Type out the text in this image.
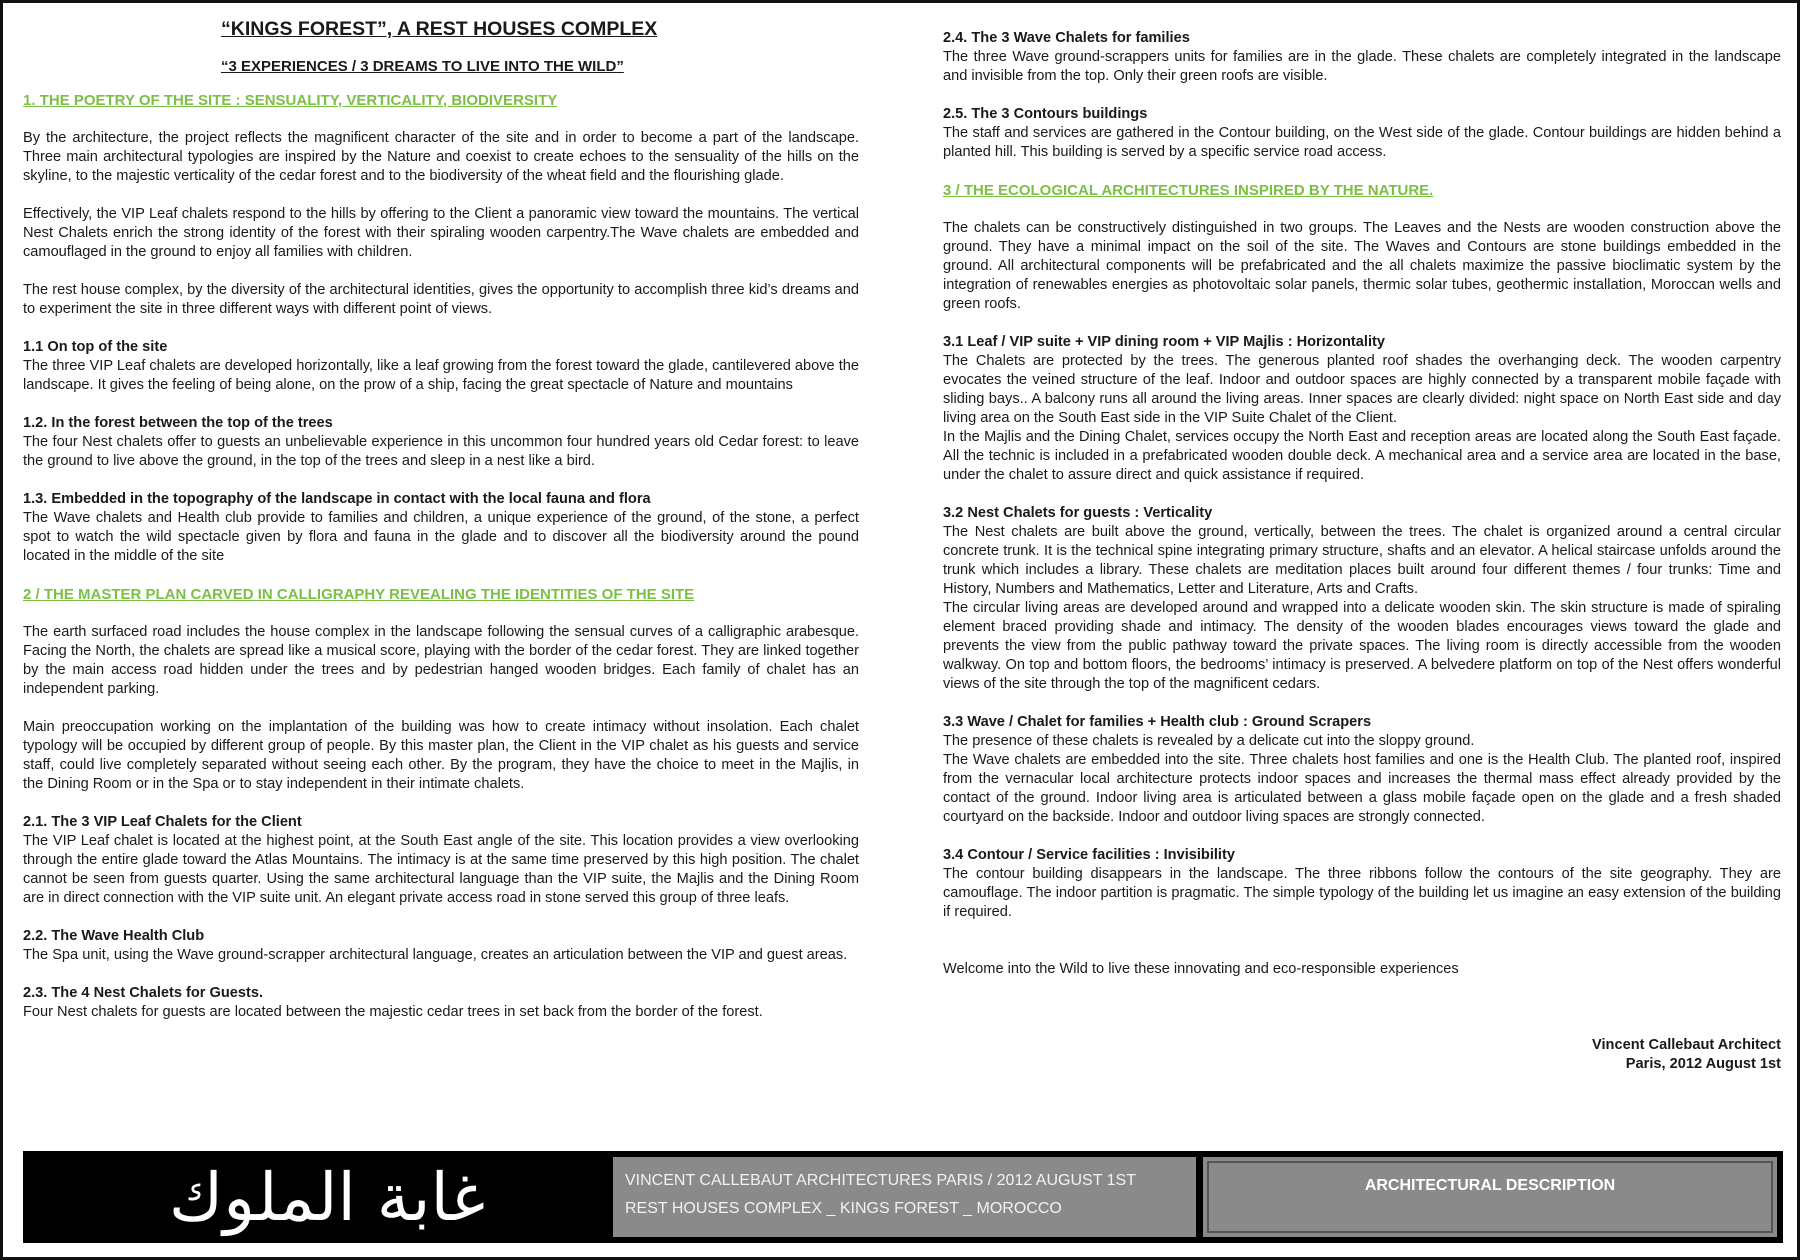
“KINGS FOREST”, A REST HOUSES COMPLEX
“3 EXPERIENCES / 3 DREAMS TO LIVE INTO THE WILD”
1. THE POETRY OF THE SITE : SENSUALITY, VERTICALITY, BIODIVERSITY

By the architecture, the project reflects the magnificent character of the site and in order to become a part of the landscape. Three main architectural typologies are inspired by the Nature and coexist to create echoes to the sensuality of the hills on the skyline, to the majestic verticality of the cedar forest and to the biodiversity of the wheat field and the flourishing glade.

Effectively, the VIP Leaf chalets respond to the hills by offering to the Client a panoramic view toward the mountains. The vertical Nest Chalets enrich the strong identity of the forest with their spiraling wooden carpentry.The Wave chalets are embedded and camouflaged in the ground to enjoy all families with children.

The rest house complex, by the diversity of the architectural identities, gives the opportunity to accomplish three kid’s dreams and to experiment the site in three different ways with different point of views.

1.1 On top of the site
The three VIP Leaf chalets are developed horizontally, like a leaf growing from the forest toward the glade, cantilevered above the landscape. It gives the feeling of being alone, on the prow of a ship, facing the great spectacle of Nature and mountains
1.2. In the forest between the top of the trees
The four Nest chalets offer to guests an unbelievable experience in this uncommon four hundred years old Cedar forest: to leave the ground to live above the ground, in the top of the trees and sleep in a nest like a bird.
1.3. Embedded in the topography of the landscape in contact with the local fauna and flora
The Wave chalets and Health club provide to families and children, a unique experience of the ground, of the stone, a perfect spot to watch the wild spectacle given by flora and fauna in the glade and to discover all the biodiversity around the pound located in the middle of the site
2 / THE MASTER PLAN CARVED IN CALLIGRAPHY REVEALING THE IDENTITIES OF THE SITE

The earth surfaced road includes the house complex in the landscape following the sensual curves of a calligraphic arabesque. Facing the North, the chalets are spread like a musical score, playing with the border of the cedar forest. They are linked together by the main access road hidden under the trees and by pedestrian hanged wooden bridges. Each family of chalet has an independent parking.

Main preoccupation working on the implantation of the building was how to create intimacy without insolation. Each chalet typology will be occupied by different group of people. By this master plan, the Client in the VIP chalet as his guests and service staff, could live completely separated without seeing each other. By the program, they have the choice to meet in the Majlis, in the Dining Room or in the Spa or to stay independent in their intimate chalets.

2.1. The 3 VIP Leaf Chalets for the Client
The VIP Leaf chalet is located at the highest point, at the South East angle of the site. This location provides a view overlooking through the entire glade toward the Atlas Mountains. The intimacy is at the same time preserved by this high position. The chalet cannot be seen from guests quarter. Using the same architectural language than the VIP suite, the Majlis and the Dining Room are in direct connection with the VIP suite unit. An elegant private access road in stone served this group of three leafs.
2.2. The Wave Health Club
The Spa unit, using the Wave ground-scrapper architectural language, creates an articulation between the VIP and guest areas.
2.3. The 4 Nest Chalets for Guests.
Four Nest chalets for guests are located between the majestic cedar trees in set back from the border of the forest.
2.4. The 3 Wave Chalets for families
The three Wave ground-scrappers units for families are in the glade. These chalets are completely integrated in the landscape and invisible from the top. Only their green roofs are visible.
2.5. The 3 Contours buildings
The staff and services are gathered in the Contour building, on the West side of the glade. Contour buildings are hidden behind a planted hill. This building is served by a specific service road access.
3 / THE ECOLOGICAL ARCHITECTURES INSPIRED BY THE NATURE.

The chalets can be constructively distinguished in two groups. The Leaves and the Nests are wooden construction above the ground. They have a minimal impact on the soil of the site. The Waves and Contours are stone buildings embedded in the ground. All architectural components will be prefabricated and the all chalets maximize the passive bioclimatic system by the integration of renewables energies as photovoltaic solar panels, thermic solar tubes, geothermic installation, Moroccan wells and green roofs.

3.1 Leaf / VIP suite + VIP dining room + VIP Majlis : Horizontality
The Chalets are protected by the trees. The generous planted roof shades the overhanging deck. The wooden carpentry evocates the veined structure of the leaf. Indoor and outdoor spaces are highly connected by a transparent mobile façade with sliding bays.. A balcony runs all around the living areas. Inner spaces are clearly divided: night space on North East side and day living area on the South East side in the VIP Suite Chalet of the Client.
In the Majlis and the Dining Chalet, services occupy the North East and reception areas are located along the South East façade. All the technic is included in a prefabricated wooden double deck. A mechanical area and a service area are located in the base, under the chalet to assure direct and quick assistance if required.
3.2 Nest Chalets for guests : Verticality
The Nest chalets are built above the ground, vertically, between the trees. The chalet is organized around a central circular concrete trunk. It is the technical spine integrating primary structure, shafts and an elevator. A helical staircase unfolds around the trunk which includes a library. These chalets are meditation places built around four different themes / four trunks: Time and History, Numbers and Mathematics, Letter and Literature, Arts and Crafts.
The circular living areas are developed around and wrapped into a delicate wooden skin. The skin structure is made of spiraling element braced providing shade and intimacy. The density of the wooden blades encourages views toward the glade and prevents the view from the public pathway toward the private spaces. The living room is directly accessible from the wooden walkway. On top and bottom floors, the bedrooms’ intimacy is preserved. A belvedere platform on top of the Nest offers wonderful views of the site through the top of the magnificent cedars.
3.3 Wave / Chalet for families + Health club : Ground Scrapers
The presence of these chalets is revealed by a delicate cut into the sloppy ground.
The Wave chalets are embedded into the site. Three chalets host families and one is the Health Club. The planted roof, inspired from the vernacular local architecture protects indoor spaces and increases the thermal mass effect already provided by the contact of the ground. Indoor living area is articulated between a glass mobile façade open on the glade and a fresh shaded courtyard on the backside. Indoor and outdoor living spaces are strongly connected.
3.4 Contour / Service facilities : Invisibility
The contour building disappears in the landscape. The three ribbons follow the contours of the site geography. They are camouflage. The indoor partition is pragmatic. The simple typology of the building let us imagine an easy extension of the building if required.

Welcome into the Wild to live these innovating and eco-responsible experiences

Vincent Callebaut Architect
Paris, 2012 August 1st
غابة الملوك	VINCENT CALLEBAUT ARCHITECTURES PARIS / 2012 AUGUST 1ST
REST HOUSES COMPLEX _ KINGS FOREST _ MOROCCO
ARCHITECTURAL DESCRIPTION
